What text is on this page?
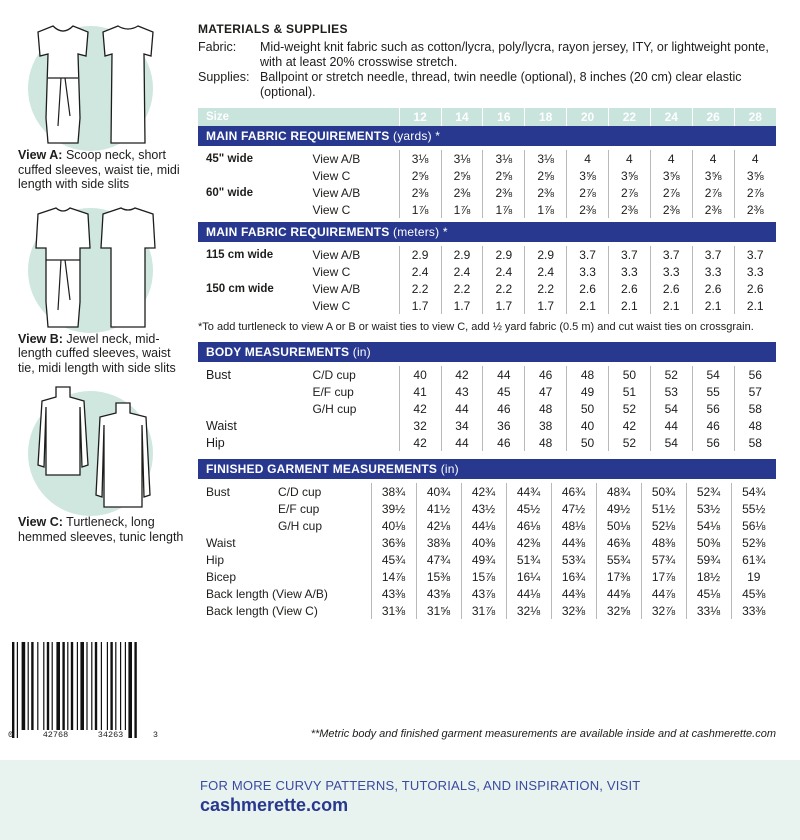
View A: Scoop neck, short cuffed sleeves, waist tie, midi length with side slits
View B: Jewel neck, mid-length cuffed sleeves, waist tie, midi length with side slits
View C: Turtleneck, long hemmed sleeves, tunic length
0	42768	34263	3
MATERIALS & SUPPLIES
Fabric:	Mid-weight knit fabric such as cotton/lycra, poly/lycra, rayon jersey, ITY, or lightweight ponte, with at least 20% crosswise stretch.
Supplies: Ballpoint or stretch needle, thread, twin needle (optional), 8 inches (20 cm) clear elastic (optional).
Size		12	14	16	18	20	22	24	26	28
MAIN FABRIC REQUIREMENTS (yards) *										

45" wide	View A/B	3⅛	3⅛	3⅛	3⅛	4	4	4	4	4
	View C	2⅝	2⅝	2⅝	2⅝	3⅝	3⅝	3⅝	3⅝	3⅝
60" wide	View A/B	2⅜	2⅜	2⅜	2⅜	2⅞	2⅞	2⅞	2⅞	2⅞
	View C	1⅞	1⅞	1⅞	1⅞	2⅜	2⅜	2⅜	2⅜	2⅜

MAIN FABRIC REQUIREMENTS (meters) *										

115 cm wide	View A/B	2.9	2.9	2.9	2.9	3.7	3.7	3.7	3.7	3.7
	View C	2.4	2.4	2.4	2.4	3.3	3.3	3.3	3.3	3.3
150 cm wide	View A/B	2.2	2.2	2.2	2.2	2.6	2.6	2.6	2.6	2.6
	View C	1.7	1.7	1.7	1.7	2.1	2.1	2.1	2.1	2.1
*To add turtleneck to view A or B or waist ties to view C, add ½ yard fabric (0.5 m) and cut waist ties on crossgrain.
BODY MEASUREMENTS (in)										

Bust	C/D cup	40	42	44	46	48	50	52	54	56
	E/F cup	41	43	45	47	49	51	53	55	57
	G/H cup	42	44	46	48	50	52	54	56	58
Waist		32	34	36	38	40	42	44	46	48
Hip		42	44	46	48	50	52	54	56	58
FINISHED GARMENT MEASUREMENTS (in)									

Bust C/D cup	38¾	40¾	42¾	44¾	46¾	48¾	50¾	52¾	54¾
E/F cup	39½	41½	43½	45½	47½	49½	51½	53½	55½
G/H cup	40⅛	42⅛	44⅛	46⅛	48⅛	50⅛	52⅛	54⅛	56⅛
Waist	36⅜	38⅜	40⅜	42⅜	44⅜	46⅜	48⅜	50⅜	52⅜
Hip	45¾	47¾	49¾	51¾	53¾	55¾	57¾	59¾	61¾
Bicep	14⅞	15⅜	15⅞	16¼	16¾	17⅜	17⅞	18½	19
Back length (View A/B)	43⅜	43⅝	43⅞	44⅛	44⅜	44⅝	44⅞	45⅛	45⅜
Back length (View C)	31⅜	31⅝	31⅞	32⅛	32⅜	32⅝	32⅞	33⅛	33⅜
**Metric body and finished garment measurements are available inside and at cashmerette.com
FOR MORE CURVY PATTERNS, TUTORIALS, AND INSPIRATION, VISIT
cashmerette.com
